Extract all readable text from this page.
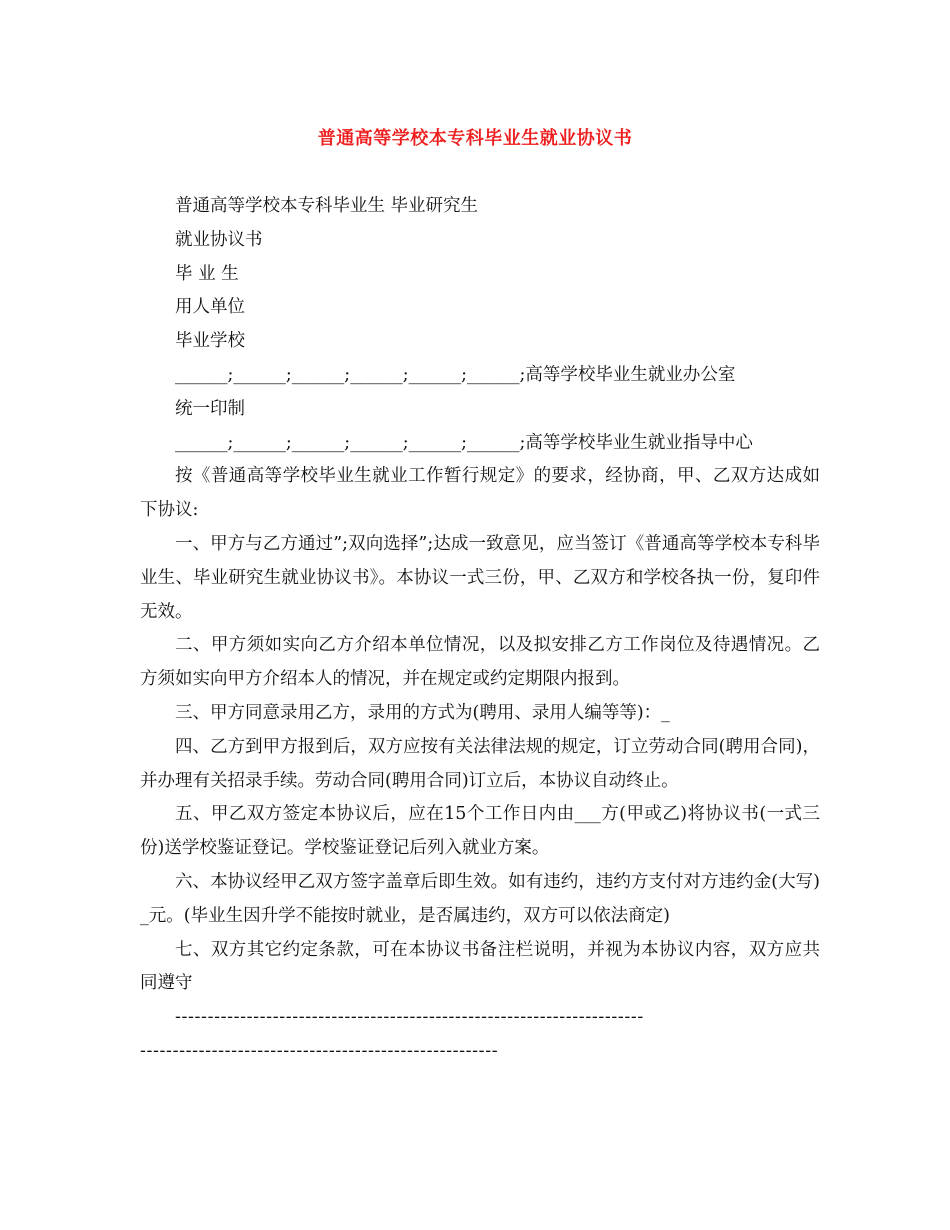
普通高等学校本专科毕业生就业协议书

普通高等学校本专科毕业生 毕业研究生

就业协议书

毕 业 生

用人单位

毕业学校

______;______;______;______;______;______;高等学校毕业生就业办公室

统一印制

______;______;______;______;______;______;高等学校毕业生就业指导中心

按《普通高等学校毕业生就业工作暂行规定》的要求，经协商，甲、乙双方达成如下协议:

一、甲方与乙方通过”;双向选择”;达成一致意见，应当签订《普通高等学校本专科毕业生、毕业研究生就业协议书》。本协议一式三份，甲、乙双方和学校各执一份，复印件无效。

二、甲方须如实向乙方介绍本单位情况，以及拟安排乙方工作岗位及待遇情况。乙方须如实向甲方介绍本人的情况，并在规定或约定期限内报到。

三、甲方同意录用乙方，录用的方式为(聘用、录用人编等等)：_

四、乙方到甲方报到后，双方应按有关法律法规的规定，订立劳动合同(聘用合同)，并办理有关招录手续。劳动合同(聘用合同)订立后，本协议自动终止。

五、甲乙双方签定本协议后，应在15个工作日内由___方(甲或乙)将协议书(一式三份)送学校鉴证登记。学校鉴证登记后列入就业方案。

六、本协议经甲乙双方签字盖章后即生效。如有违约，违约方支付对方违约金(大写) _元。(毕业生因升学不能按时就业，是否属违约，双方可以依法商定)

七、双方其它约定条款，可在本协议书备注栏说明，并视为本协议内容，双方应共同遵守

------------------------------------------------------------------------

-------------------------------------------------------
